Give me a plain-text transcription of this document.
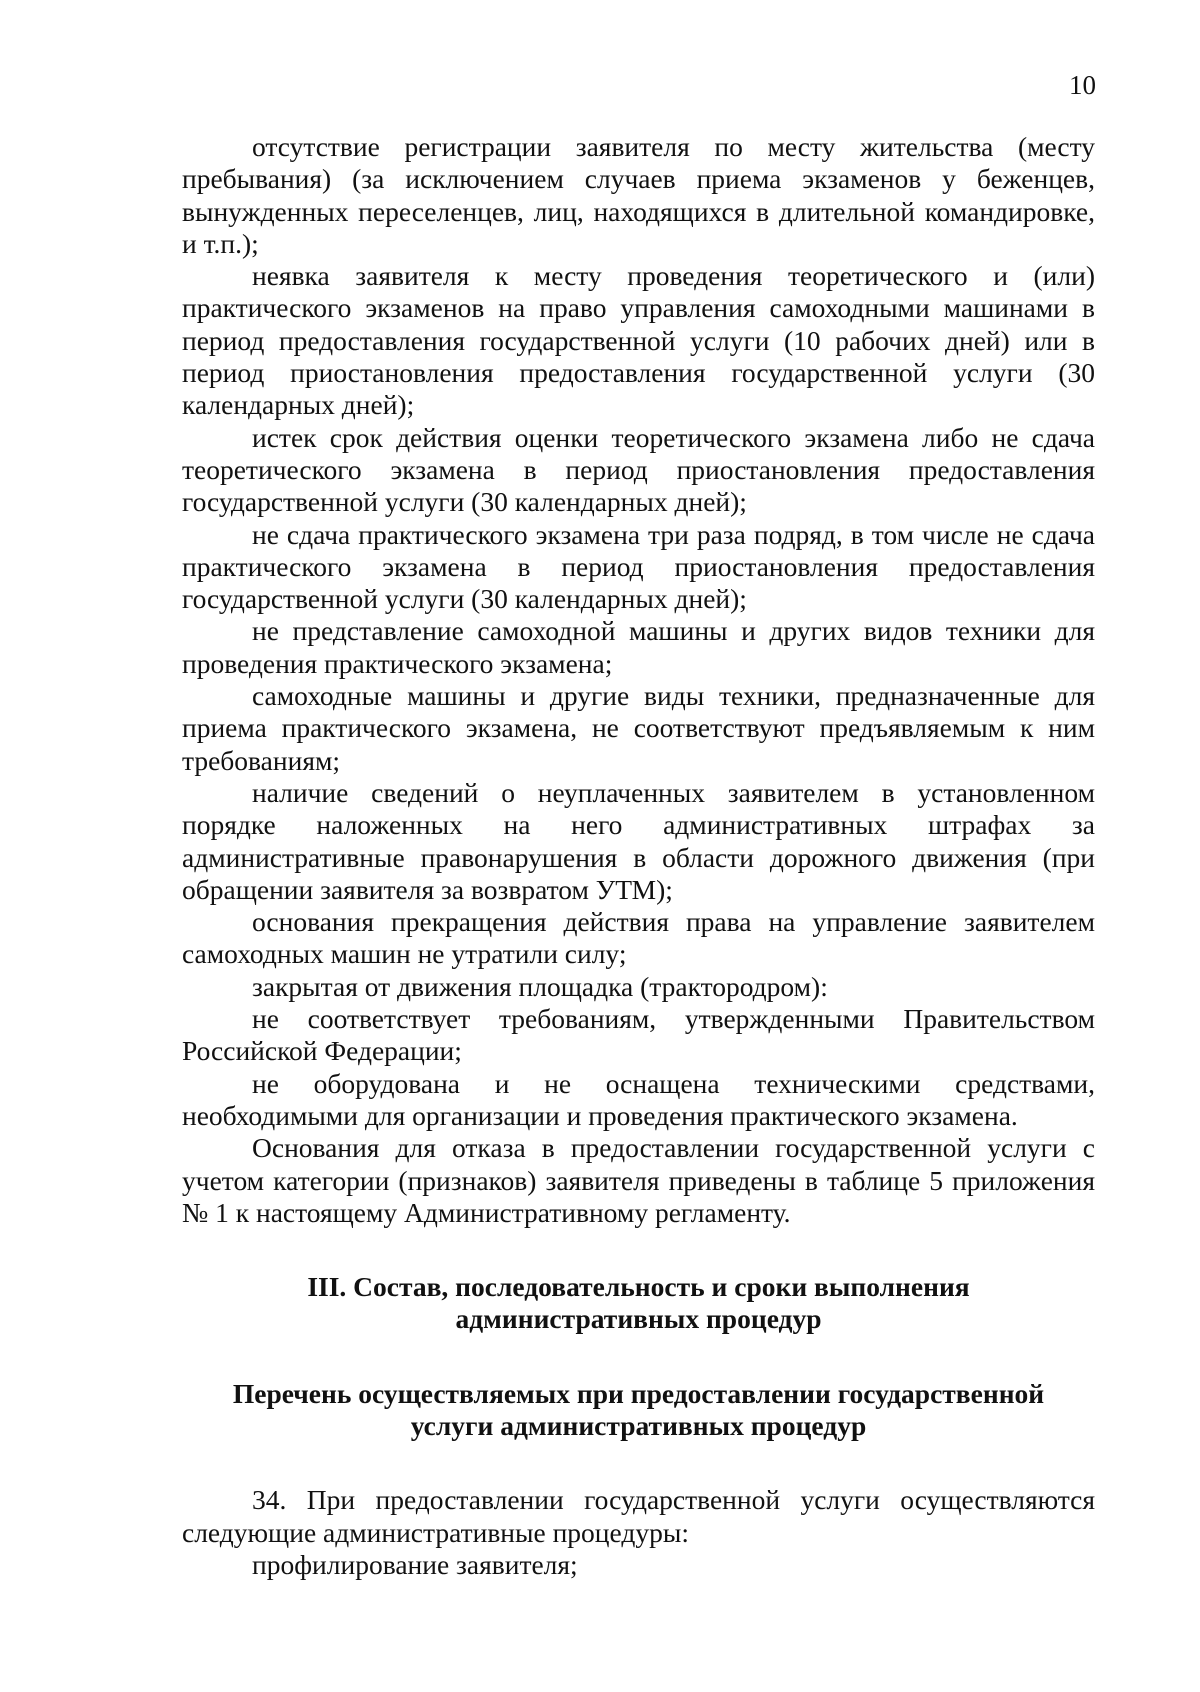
10

отсутствие регистрации заявителя по месту жительства (месту пребывания) (за исключением случаев приема экзаменов у беженцев, вынужденных переселенцев, лиц, находящихся в длительной командировке, и т.п.);

неявка заявителя к месту проведения теоретического и (или) практического экзаменов на право управления самоходными машинами в период предоставления государственной услуги (10 рабочих дней) или в период приостановления предоставления государственной услуги (30 календарных дней);

истек срок действия оценки теоретического экзамена либо не сдача теоретического экзамена в период приостановления предоставления государственной услуги (30 календарных дней);

не сдача практического экзамена три раза подряд, в том числе не сдача практического экзамена в период приостановления предоставления государственной услуги (30 календарных дней);

не представление самоходной машины и других видов техники для проведения практического экзамена;

самоходные машины и другие виды техники, предназначенные для приема практического экзамена, не соответствуют предъявляемым к ним требованиям;

наличие сведений о неуплаченных заявителем в установленном порядке наложенных на него административных штрафах за административные правонарушения в области дорожного движения (при обращении заявителя за возвратом УТМ);

основания прекращения действия права на управление заявителем самоходных машин не утратили силу;

закрытая от движения площадка (трактородром):

не соответствует требованиям, утвержденными Правительством Российской Федерации;

не оборудована и не оснащена техническими средствами, необходимыми для организации и проведения практического экзамена.

Основания для отказа в предоставлении государственной услуги с учетом категории (признаков) заявителя приведены в таблице 5 приложения № 1 к настоящему Административному регламенту.

III. Состав, последовательность и сроки выполнения
административных процедур
Перечень осуществляемых при предоставлении государственной
услуги административных процедур

34. При предоставлении государственной услуги осуществляются следующие административные процедуры:

профилирование заявителя;
